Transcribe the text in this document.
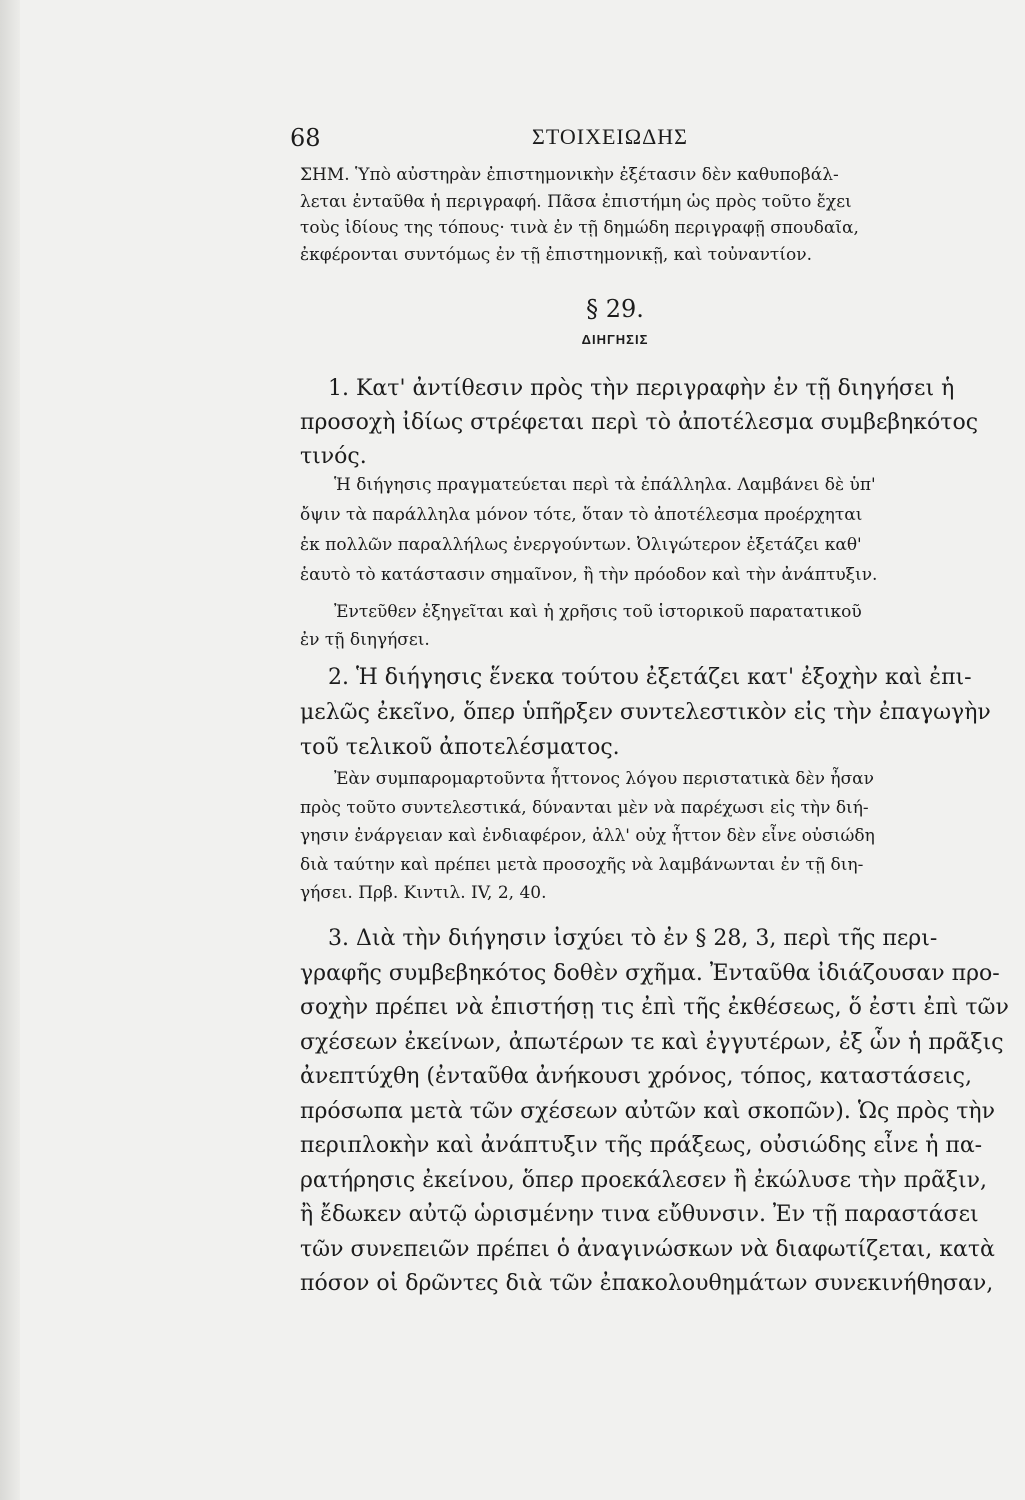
68	ΣΤΟΙΧΕΙΩΔΗΣ
ΣΗΜ. Ὑπὸ αὐστηρὰν ἐπιστημονικὴν ἐξέτασιν δὲν καθυποβάλ-
λεται ἐνταῦθα ἡ περιγραφή. Πᾶσα ἐπιστήμη ὡς πρὸς τοῦτο ἔχει
τοὺς ἰδίους της τόπους· τινὰ ἐν τῇ δημώδη περιγραφῇ σπουδαῖα,
ἐκφέρονται συντόμως ἐν τῇ ἐπιστημονικῇ, καὶ τοὐναντίον.
§ 29.
ΔΙΗΓΗΣΙΣ
1. Κατ' ἀντίθεσιν πρὸς τὴν περιγραφὴν ἐν τῇ διηγήσει ἡ
προσοχὴ ἰδίως στρέφεται περὶ τὸ ἀποτέλεσμα συμβεβηκότος
τινός.
Ἡ διήγησις πραγματεύεται περὶ τὰ ἐπάλληλα. Λαμβάνει δὲ ὑπ'
ὄψιν τὰ παράλληλα μόνον τότε, ὅταν τὸ ἀποτέλεσμα προέρχηται
ἐκ πολλῶν παραλλήλως ἐνεργούντων. Ὀλιγώτερον ἐξετάζει καθ'
ἑαυτὸ τὸ κατάστασιν σημαῖνον, ἢ τὴν πρόοδον καὶ τὴν ἀνάπτυξιν.
Ἐντεῦθεν ἐξηγεῖται καὶ ἡ χρῆσις τοῦ ἱστορικοῦ παρατατικοῦ
ἐν τῇ διηγήσει.
2. Ἡ διήγησις ἕνεκα τούτου ἐξετάζει κατ' ἐξοχὴν καὶ ἐπι-
μελῶς ἐκεῖνο, ὅπερ ὑπῆρξεν συντελεστικὸν εἰς τὴν ἐπαγωγὴν
τοῦ τελικοῦ ἀποτελέσματος.
Ἐὰν συμπαρομαρτοῦντα ἧττονος λόγου περιστατικὰ δὲν ἦσαν
πρὸς τοῦτο συντελεστικά, δύνανται μὲν νὰ παρέχωσι εἰς τὴν διή-
γησιν ἐνάργειαν καὶ ἐνδιαφέρον, ἀλλ' οὐχ ἧττον δὲν εἶνε οὐσιώδη
διὰ ταύτην καὶ πρέπει μετὰ προσοχῆς νὰ λαμβάνωνται ἐν τῇ διη-
γήσει. Πρβ. Κιντιλ. IV, 2, 40.
3. Διὰ τὴν διήγησιν ἰσχύει τὸ ἐν § 28, 3, περὶ τῆς περι-
γραφῆς συμβεβηκότος δοθὲν σχῆμα. Ἐνταῦθα ἰδιάζουσαν προ-
σοχὴν πρέπει νὰ ἐπιστήσῃ τις ἐπὶ τῆς ἐκθέσεως, ὅ ἐστι ἐπὶ τῶν
σχέσεων ἐκείνων, ἀπωτέρων τε καὶ ἐγγυτέρων, ἐξ ὧν ἡ πρᾶξις
ἀνεπτύχθη (ἐνταῦθα ἀνήκουσι χρόνος, τόπος, καταστάσεις,
πρόσωπα μετὰ τῶν σχέσεων αὐτῶν καὶ σκοπῶν). Ὡς πρὸς τὴν
περιπλοκὴν καὶ ἀνάπτυξιν τῆς πράξεως, οὐσιώδης εἶνε ἡ πα-
ρατήρησις ἐκείνου, ὅπερ προεκάλεσεν ἢ ἐκώλυσε τὴν πρᾶξιν,
ἢ ἔδωκεν αὐτῷ ὡρισμένην τινα εὔθυνσιν. Ἐν τῇ παραστάσει
τῶν συνεπειῶν πρέπει ὁ ἀναγινώσκων νὰ διαφωτίζεται, κατὰ
πόσον οἱ δρῶντες διὰ τῶν ἐπακολουθημάτων συνεκινήθησαν,
